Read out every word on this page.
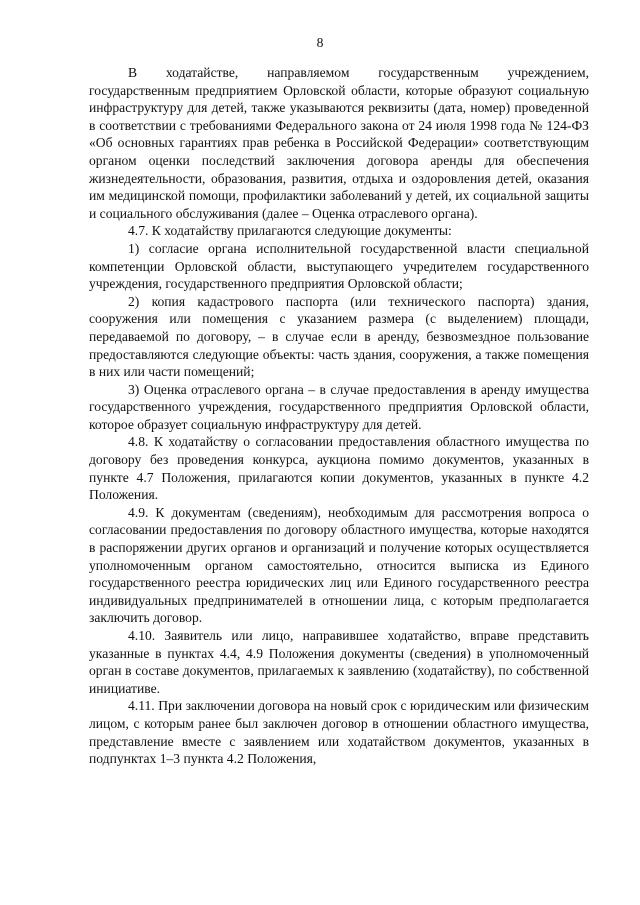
8

В ходатайстве, направляемом государственным учреждением, государственным предприятием Орловской области, которые образуют социальную инфраструктуру для детей, также указываются реквизиты (дата, номер) проведенной в соответствии с требованиями Федерального закона от 24 июля 1998 года № 124-ФЗ «Об основных гарантиях прав ребенка в Российской Федерации» соответствующим органом оценки последствий заключения договора аренды для обеспечения жизнедеятельности, образования, развития, отдыха и оздоровления детей, оказания им медицинской помощи, профилактики заболеваний у детей, их социальной защиты и социального обслуживания (далее – Оценка отраслевого органа).

4.7. К ходатайству прилагаются следующие документы:

1) согласие органа исполнительной государственной власти специальной компетенции Орловской области, выступающего учредителем государственного учреждения, государственного предприятия Орловской области;

2) копия кадастрового паспорта (или технического паспорта) здания, сооружения или помещения с указанием размера (с выделением) площади, передаваемой по договору, – в случае если в аренду, безвозмездное пользование предоставляются следующие объекты: часть здания, сооружения, а также помещения в них или части помещений;

3) Оценка отраслевого органа – в случае предоставления в аренду имущества государственного учреждения, государственного предприятия Орловской области, которое образует социальную инфраструктуру для детей.

4.8. К ходатайству о согласовании предоставления областного имущества по договору без проведения конкурса, аукциона помимо документов, указанных в пункте 4.7 Положения, прилагаются копии документов, указанных в пункте 4.2 Положения.

4.9. К документам (сведениям), необходимым для рассмотрения вопроса о согласовании предоставления по договору областного имущества, которые находятся в распоряжении других органов и организаций и получение которых осуществляется уполномоченным органом самостоятельно, относится выписка из Единого государственного реестра юридических лиц или Единого государственного реестра индивидуальных предпринимателей в отношении лица, с которым предполагается заключить договор.

4.10. Заявитель или лицо, направившее ходатайство, вправе представить указанные в пунктах 4.4, 4.9 Положения документы (сведения) в уполномоченный орган в составе документов, прилагаемых к заявлению (ходатайству), по собственной инициативе.

4.11. При заключении договора на новый срок с юридическим или физическим лицом, с которым ранее был заключен договор в отношении областного имущества, представление вместе с заявлением или ходатайством документов, указанных в подпунктах 1–3 пункта 4.2 Положения,
